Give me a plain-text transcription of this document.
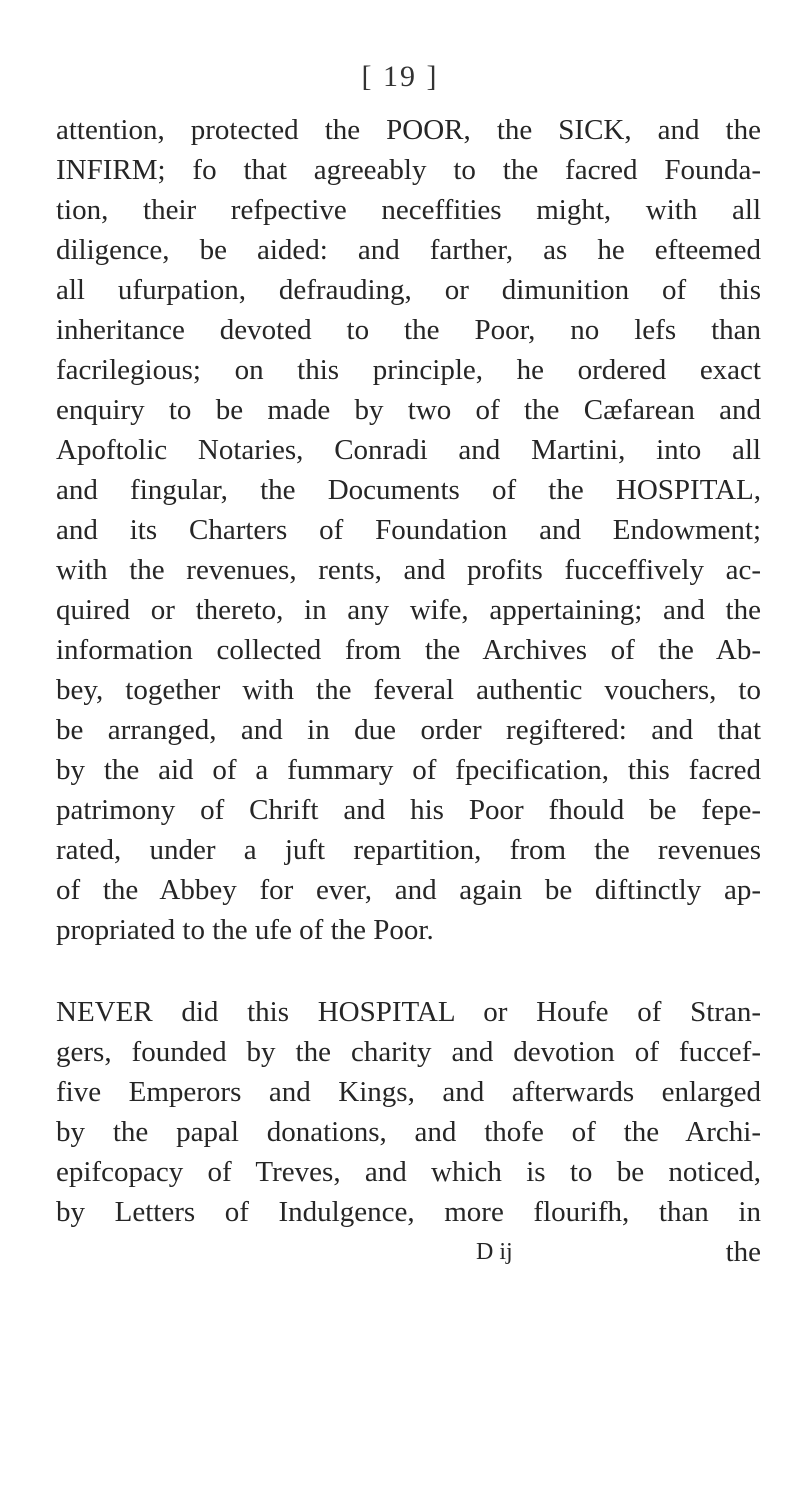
[ 19 ]
attention, protected the POOR, the SICK, and the
INFIRM; fo that agreeably to the facred Founda-
tion, their refpective neceffities might, with all
diligence, be aided: and farther, as he efteemed
all ufurpation, defrauding, or dimunition of this
inheritance devoted to the Poor, no lefs than
facrilegious; on this principle, he ordered exact
enquiry to be made by two of the Cæfarean and
Apoftolic Notaries, Conradi and Martini, into all
and fingular, the Documents of the HOSPITAL,
and its Charters of Foundation and Endowment;
with the revenues, rents, and profits fucceffively ac-
quired or thereto, in any wife, appertaining; and the
information collected from the Archives of the Ab-
bey, together with the feveral authentic vouchers, to
be arranged, and in due order regiftered: and that
by the aid of a fummary of fpecification, this facred
patrimony of Chrift and his Poor fhould be fepe-
rated, under a juft repartition, from the revenues
of the Abbey for ever, and again be diftinctly ap-
propriated to the ufe of the Poor.
NEVER did this HOSPITAL or Houfe of Stran-
gers, founded by the charity and devotion of fuccef-
five Emperors and Kings, and afterwards enlarged
by the papal donations, and thofe of the Archi-
epifcopacy of Treves, and which is to be noticed,
by Letters of Indulgence, more flourifh, than in
D ij	the
